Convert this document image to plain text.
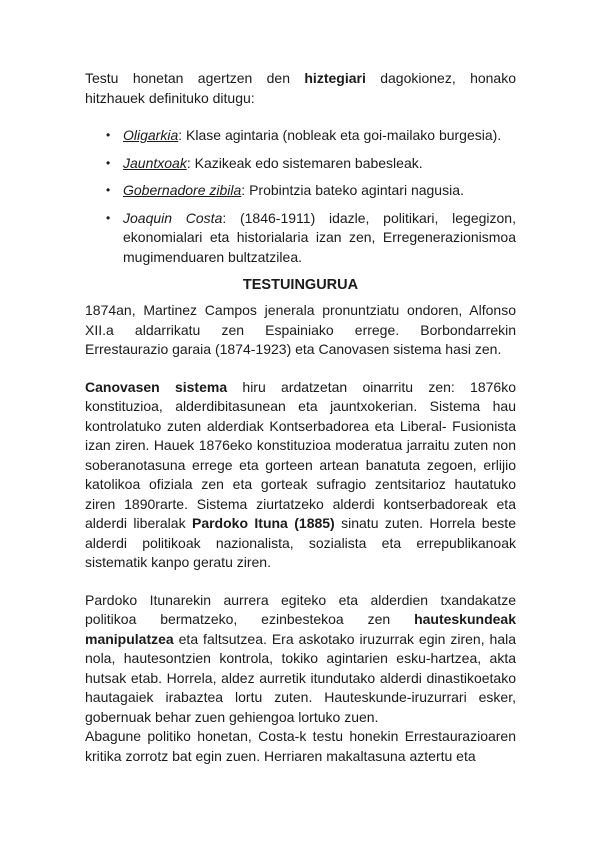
Testu honetan agertzen den hiztegiari dagokionez, honako hitzhauek definituko ditugu:

• Oligarkia: Klase agintaria (nobleak eta goi-mailako burgesia).
• Jauntxoak: Kazikeak edo sistemaren babesleak.
• Gobernadore zibila: Probintzia bateko agintari nagusia.
• Joaquin Costa: (1846-1911) idazle, politikari, legegizon, ekonomialari eta historialaria izan zen, Erregenerazionismoa mugimenduaren bultzatzilea.
TESTUINGURUA

1874an, Martinez Campos jenerala pronuntziatu ondoren, Alfonso XII.a aldarrikatu zen Espainiako errege. Borbondarrekin Errestaurazio garaia (1874-1923) eta Canovasen sistema hasi zen.

Canovasen sistema hiru ardatzetan oinarritu zen: 1876ko konstituzioa, alderdibitasunean eta jauntxokerian. Sistema hau kontrolatuko zuten alderdiak Kontserbadorea eta Liberal- Fusionista izan ziren. Hauek 1876eko konstituzioa moderatua jarraitu zuten non soberanotasuna errege eta gorteen artean banatuta zegoen, erlijio katolikoa ofiziala zen eta gorteak sufragio zentsitarioz hautatuko ziren 1890rarte. Sistema ziurtatzeko alderdi kontserbadoreak eta alderdi liberalak Pardoko Ituna (1885) sinatu zuten. Horrela beste alderdi politikoak nazionalista, sozialista eta errepublikanoak sistematik kanpo geratu ziren.

Pardoko Itunarekin aurrera egiteko eta alderdien txandakatze politikoa bermatzeko, ezinbestekoa zen hauteskundeak manipulatzea eta faltsutzea. Era askotako iruzurrak egin ziren, hala nola, hautesontzien kontrola, tokiko agintarien esku-hartzea, akta hutsak etab. Horrela, aldez aurretik itundutako alderdi dinastikoetako hautagaiek irabaztea lortu zuten. Hauteskunde-iruzurrari esker, gobernuak behar zuen gehiengoa lortuko zuen.

Abagune politiko honetan, Costa-k testu honekin Errestaurazioaren kritika zorrotz bat egin zuen. Herriaren makaltasuna aztertu eta
